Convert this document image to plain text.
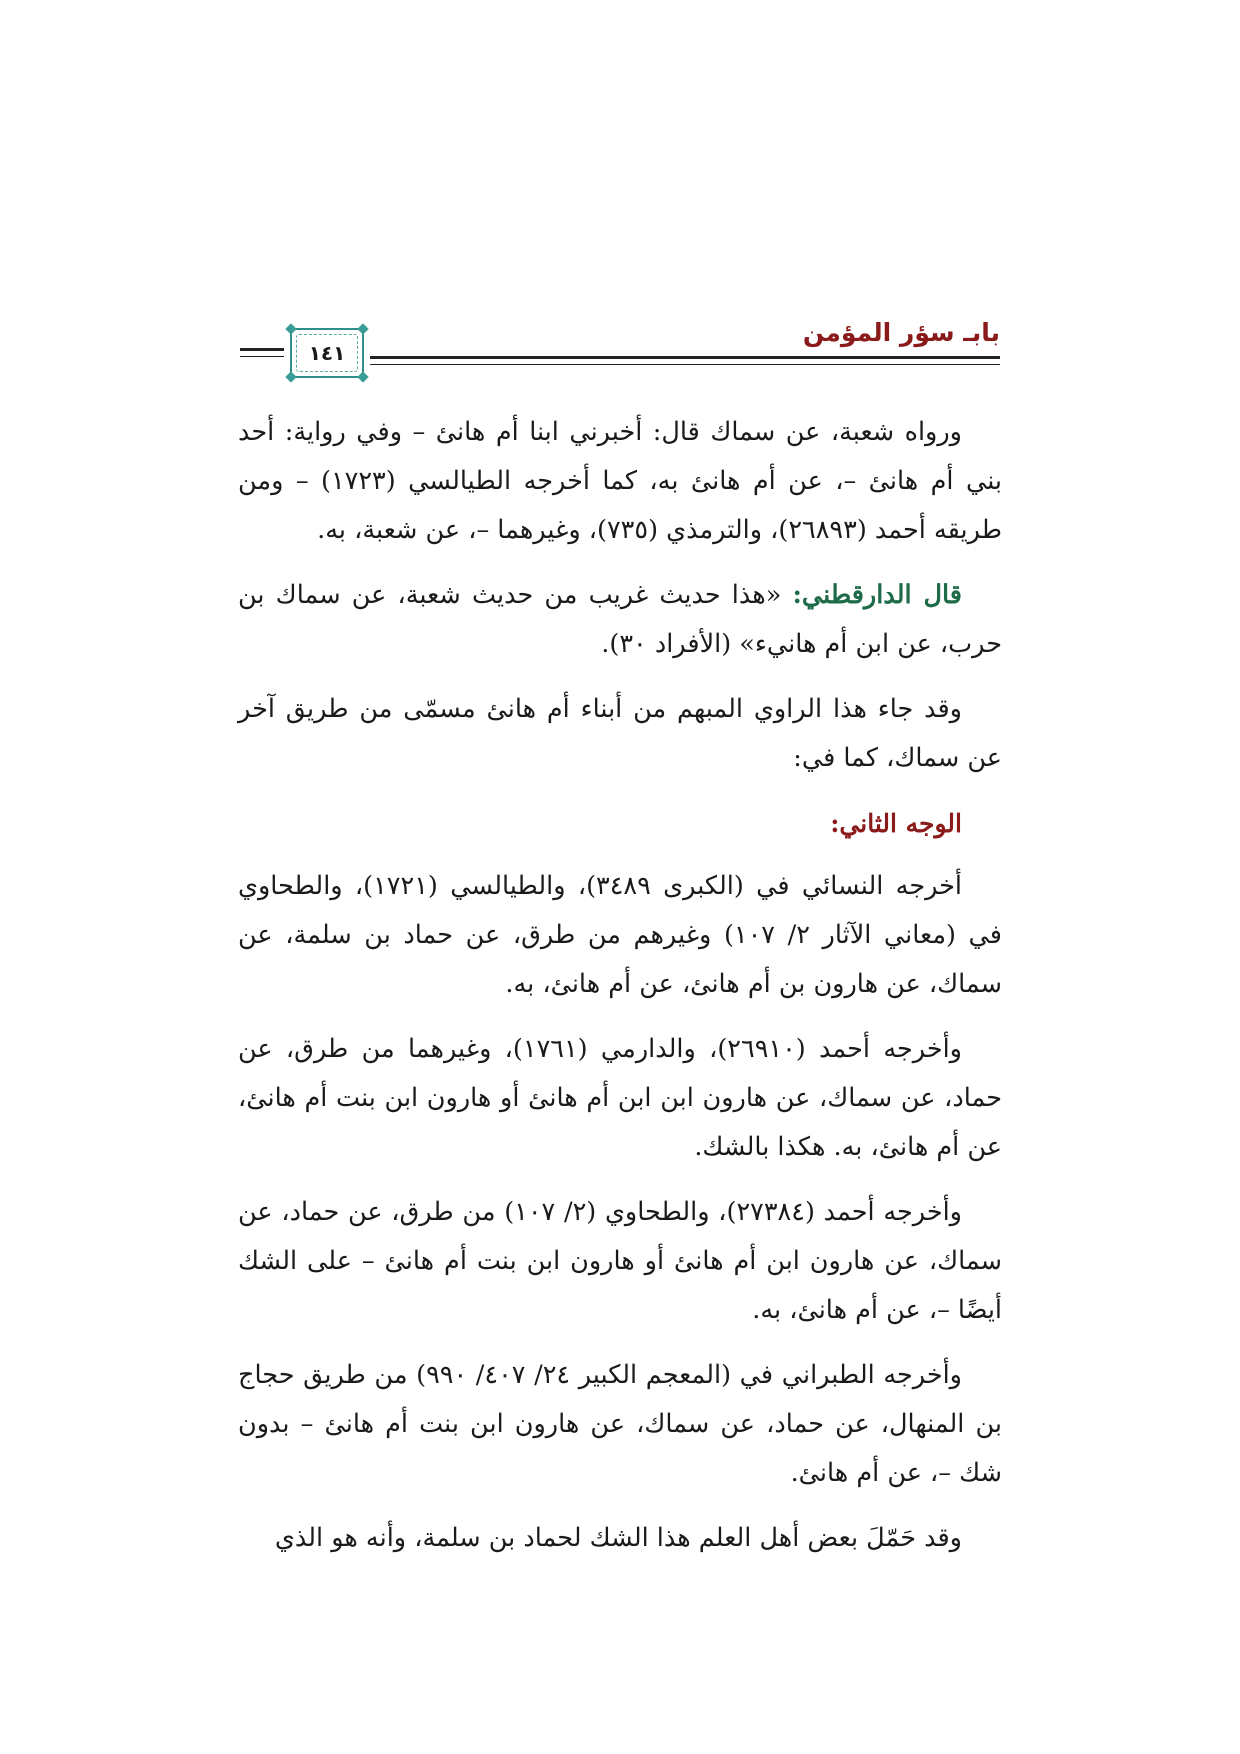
بابـ سؤر المؤمن
١٤١

ورواه شعبة، عن سماك قال: أخبرني ابنا أم هانئ – وفي رواية: أحد بني أم هانئ –، عن أم هانئ به، كما أخرجه الطيالسي (١٧٢٣) – ومن طريقه أحمد (٢٦٨٩٣)، والترمذي (٧٣٥)، وغيرهما –، عن شعبة، به.

قال الدارقطني: «هذا حديث غريب من حديث شعبة، عن سماك بن حرب، عن ابن أم هانيء» (الأفراد ٣٠).

وقد جاء هذا الراوي المبهم من أبناء أم هانئ مسمّى من طريق آخر عن سماك، كما في:

الوجه الثاني:

أخرجه النسائي في (الكبرى ٣٤٨٩)، والطيالسي (١٧٢١)، والطحاوي في (معاني الآثار ٢/ ١٠٧) وغيرهم من طرق، عن حماد بن سلمة، عن سماك، عن هارون بن أم هانئ، عن أم هانئ، به.

وأخرجه أحمد (٢٦٩١٠)، والدارمي (١٧٦١)، وغيرهما من طرق، عن حماد، عن سماك، عن هارون ابن ابن أم هانئ أو هارون ابن بنت أم هانئ، عن أم هانئ، به. هكذا بالشك.

وأخرجه أحمد (٢٧٣٨٤)، والطحاوي (٢/ ١٠٧) من طرق، عن حماد، عن سماك، عن هارون ابن أم هانئ أو هارون ابن بنت أم هانئ – على الشك أيضًا –، عن أم هانئ، به.

وأخرجه الطبراني في (المعجم الكبير ٢٤/ ٤٠٧/ ٩٩٠) من طريق حجاج بن المنهال، عن حماد، عن سماك، عن هارون ابن بنت أم هانئ – بدون شك –، عن أم هانئ.

وقد حَمّلَ بعض أهل العلم هذا الشك لحماد بن سلمة، وأنه هو الذي
